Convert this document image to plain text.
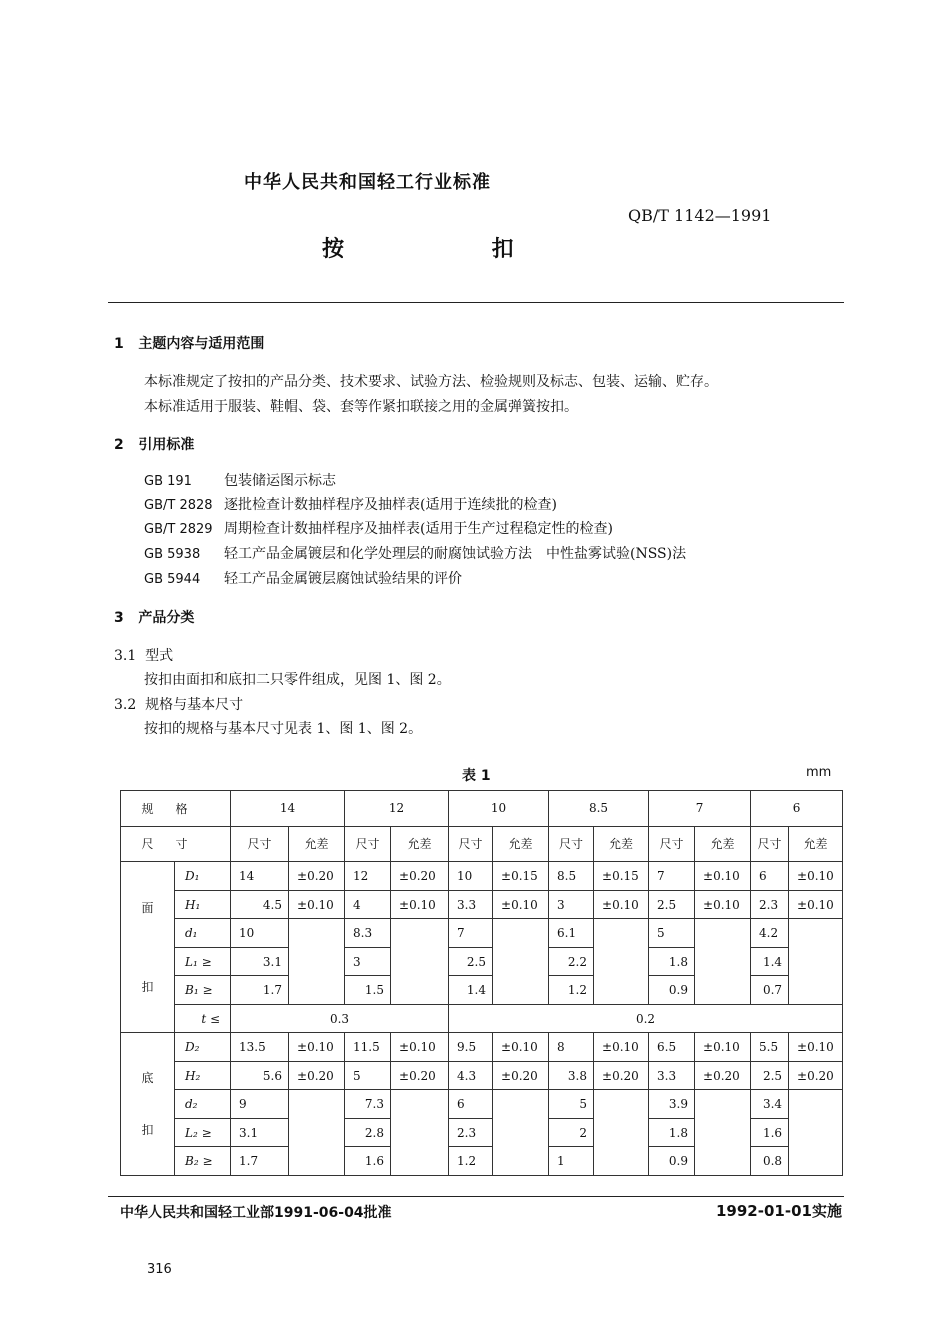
中华人民共和国轻工行业标准
QB/T 1142—1991
按 扣
1 主题内容与适用范围
本标准规定了按扣的产品分类、技术要求、试验方法、检验规则及标志、包装、运输、贮存。
本标准适用于服装、鞋帽、袋、套等作紧扣联接之用的金属弹簧按扣。
2 引用标准
GB 191 包装储运图示标志
GB/T 2828 逐批检查计数抽样程序及抽样表(适用于连续批的检查)
GB/T 2829 周期检查计数抽样程序及抽样表(适用于生产过程稳定性的检查)
GB 5938 轻工产品金属镀层和化学处理层的耐腐蚀试验方法　中性盐雾试验(NSS)法
GB 5944 轻工产品金属镀层腐蚀试验结果的评价
3 产品分类
3.1 型式
按扣由面扣和底扣二只零件组成，见图 1、图 2。
3.2 规格与基本尺寸
按扣的规格与基本尺寸见表 1、图 1、图 2。
表 1	mm
规格		14		12		10		8.5		7		6	
尺寸		尺寸	允差	尺寸	允差	尺寸	允差	尺寸	允差	尺寸	允差	尺寸	允差
面

扣	D₁	14	±0.20	12	±0.20	10	±0.15	8.5	±0.15	7	±0.10	6	±0.10
	H₁	4.5	±0.10	4	±0.10	3.3	±0.10	3	±0.10	2.5	±0.10	2.3	±0.10
	d₁	10		8.3		7		6.1		5		4.2	
	L₁ ≥	3.1		3		2.5		2.2		1.8		1.4	
	B₁ ≥	1.7		1.5		1.4		1.2		0.9		0.7	
	t ≤	0.3				0.2							
底

扣	D₂	13.5	±0.10	11.5	±0.10	9.5	±0.10	8	±0.10	6.5	±0.10	5.5	±0.10
	H₂	5.6	±0.20	5	±0.20	4.3	±0.20	3.8	±0.20	3.3	±0.20	2.5	±0.20
	d₂	9		7.3		6		5		3.9		3.4	
	L₂ ≥	3.1		2.8		2.3		2		1.8		1.6	
	B₂ ≥	1.7		1.6		1.2		1		0.9		0.8	
中华人民共和国轻工业部1991-06-04批准	1992-01-01实施
316
